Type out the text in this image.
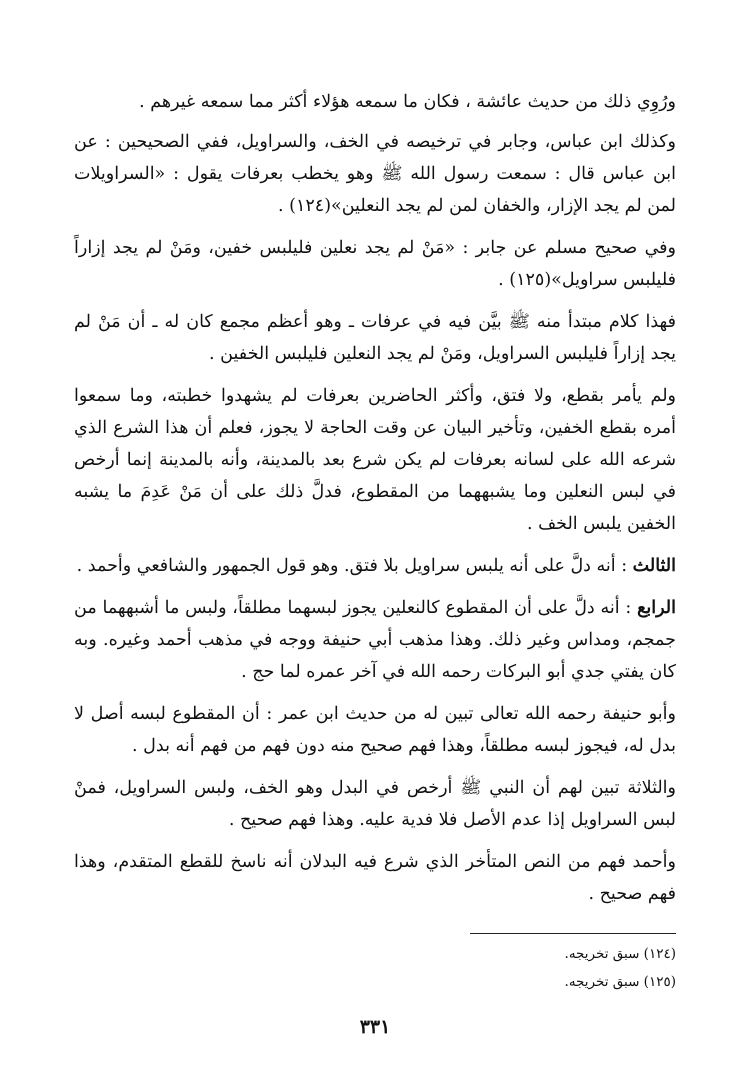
ورُوِي ذلك من حديث عائشة ، فكان ما سمعه هؤلاء أكثر مما سمعه غيرهم .

وكذلك ابن عباس، وجابر في ترخيصه في الخف، والسراويل، ففي الصحيحين : عن ابن عباس قال : سمعت رسول الله ﷺ وهو يخطب بعرفات يقول : «السراويلات لمن لم يجد الإزار، والخفان لمن لم يجد النعلين»(١٢٤) .

وفي صحيح مسلم عن جابر : «مَنْ لم يجد نعلين فليلبس خفين، ومَنْ لم يجد إزاراً فليلبس سراويل»(١٢٥) .

فهذا كلام مبتدأ منه ﷺ بيَّن فيه في عرفات ـ وهو أعظم مجمع كان له ـ أن مَنْ لم يجد إزاراً فليلبس السراويل، ومَنْ لم يجد النعلين فليلبس الخفين .

ولم يأمر بقطع، ولا فتق، وأكثر الحاضرين بعرفات لم يشهدوا خطبته، وما سمعوا أمره بقطع الخفين، وتأخير البيان عن وقت الحاجة لا يجوز، فعلم أن هذا الشرع الذي شرعه الله على لسانه بعرفات لم يكن شرع بعد بالمدينة، وأنه بالمدينة إنما أرخص في لبس النعلين وما يشبههما من المقطوع، فدلَّ ذلك على أن مَنْ عَدِمَ ما يشبه الخفين يلبس الخف .

الثالث : أنه دلَّ على أنه يلبس سراويل بلا فتق. وهو قول الجمهور والشافعي وأحمد .

الرابع : أنه دلَّ على أن المقطوع كالنعلين يجوز لبسهما مطلقاً، ولبس ما أشبههما من جمجم، ومداس وغير ذلك. وهذا مذهب أبي حنيفة ووجه في مذهب أحمد وغيره. وبه كان يفتي جدي أبو البركات رحمه الله في آخر عمره لما حج .

وأبو حنيفة رحمه الله تعالى تبين له من حديث ابن عمر : أن المقطوع لبسه أصل لا بدل له، فيجوز لبسه مطلقاً، وهذا فهم صحيح منه دون فهم من فهم أنه بدل .

والثلاثة تبين لهم أن النبي ﷺ أرخص في البدل وهو الخف، ولبس السراويل، فمنْ لبس السراويل إذا عدم الأصل فلا فدية عليه. وهذا فهم صحيح .

وأحمد فهم من النص المتأخر الذي شرع فيه البدلان أنه ناسخ للقطع المتقدم، وهذا فهم صحيح .

(١٢٤) سبق تخريجه.

(١٢٥) سبق تخريجه.

٣٣١
